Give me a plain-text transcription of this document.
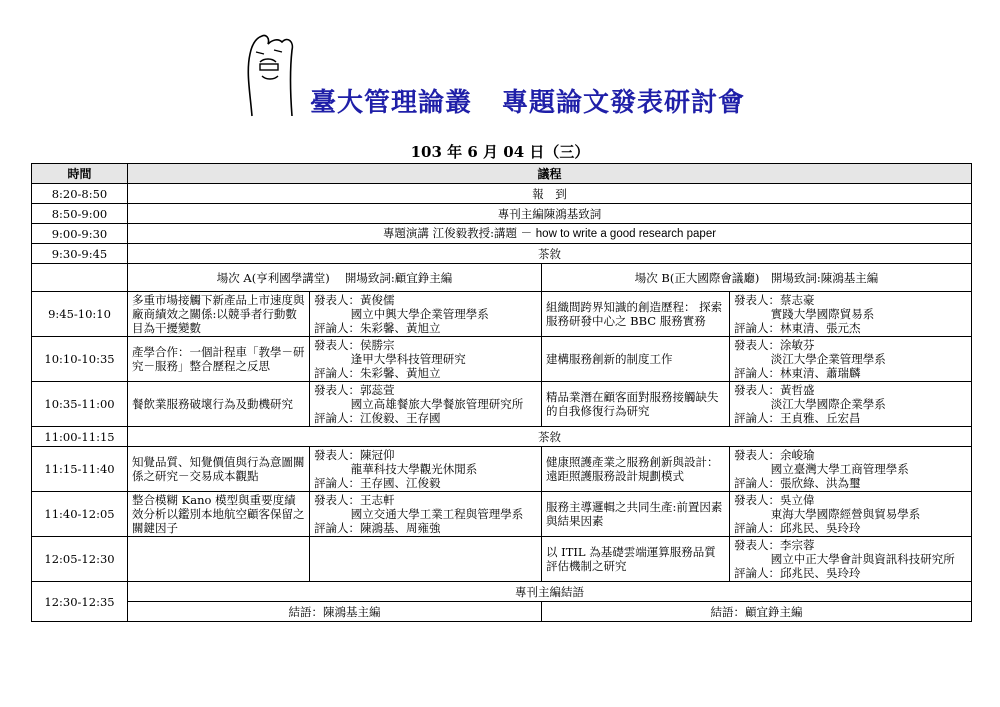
臺大管理論叢 專題論文發表研討會
103 年 6 月 04 日（三）
時間	議程			
8:20-8:50	報　到			
8:50-9:00	專刊主編陳鴻基致詞			
9:00-9:30	專題演講 江俊毅教授:講題 － how to write a good research paper			
9:30-9:45	茶敘			
	場次 A(亨利國學講堂)　 開場致詞:顧宜錚主編		場次 B(正大國際會議廳)　開場致詞:陳鴻基主編	
9:45-10:10	多重市場接觸下新產品上市速度與廠商績效之關係:以競爭者行動數目為干擾變數	發表人：黃俊儒
國立中興大學企業管理學系
評論人：朱彩馨、黃旭立	組織間跨界知識的創造歷程： 探索服務研發中心之 BBC 服務實務	發表人：蔡志豪
實踐大學國際貿易系
評論人：林東清、張元杰

10:10-10:35	產學合作：一個計程車「教學－研究－服務」整合歷程之反思	發表人：侯勝宗
逢甲大學科技管理研究
評論人：朱彩馨、黃旭立	建構服務創新的制度工作	發表人：涂敏芬
淡江大學企業管理學系
評論人：林東清、蕭瑞麟

10:35-11:00	餐飲業服務破壞行為及動機研究	發表人：郭蕊萱
國立高雄餐旅大學餐旅管理研究所
評論人：江俊毅、王存國	精品業潛在顧客面對服務接觸缺失的自我修復行為研究	發表人：黃哲盛
淡江大學國際企業學系
評論人：王貞雅、丘宏昌

11:00-11:15	茶敘			
11:15-11:40	知覺品質、知覺價值與行為意圖關係之研究－交易成本觀點	發表人：陳冠仰
龍華科技大學觀光休閒系
評論人：王存國、江俊毅	健康照護產業之服務創新與設計：遠距照護服務設計規劃模式	發表人：余峻瑜
國立臺灣大學工商管理學系
評論人：張欣綠、洪為璽

11:40-12:05	整合模糊 Kano 模型與重要度績效分析以鑑別本地航空顧客保留之關鍵因子	發表人：王志軒
國立交通大學工業工程與管理學系
評論人：陳鴻基、周雍強	服務主導邏輯之共同生產:前置因素與結果因素	發表人：吳立偉
東海大學國際經營與貿易學系
評論人：邱兆民、吳玲玲

12:05-12:30			以 ITIL 為基礎雲端運算服務品質評估機制之研究	發表人：李宗蓉
國立中正大學會計與資訊科技研究所
評論人：邱兆民、吳玲玲

12:30-12:35	專刊主編結語			
	結語：陳鴻基主編		結語：顧宜錚主編	
